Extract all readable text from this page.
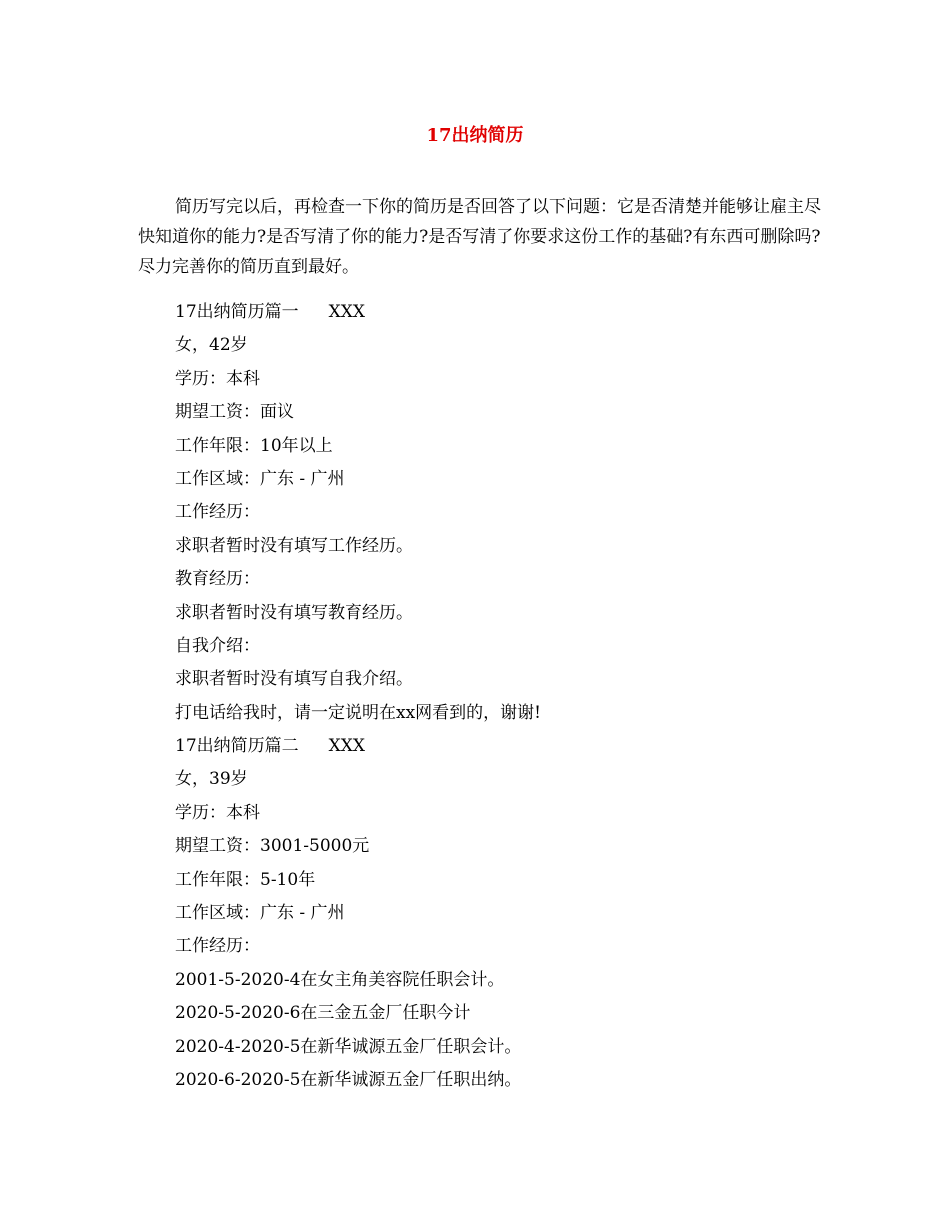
17出纳简历

简历写完以后，再检查一下你的简历是否回答了以下问题：它是否清楚并能够让雇主尽快知道你的能力?是否写清了你的能力?是否写清了你要求这份工作的基础?有东西可删除吗?尽力完善你的简历直到最好。

17出纳简历篇一 XXX
女，42岁
学历：本科
期望工资：面议
工作年限：10年以上
工作区域：广东 - 广州
工作经历：
求职者暂时没有填写工作经历。
教育经历：
求职者暂时没有填写教育经历。
自我介绍：
求职者暂时没有填写自我介绍。
打电话给我时，请一定说明在xx网看到的，谢谢!
17出纳简历篇二 XXX
女，39岁
学历：本科
期望工资：3001-5000元
工作年限：5-10年
工作区域：广东 - 广州
工作经历：
2001-5-2020-4在女主角美容院任职会计。
2020-5-2020-6在三金五金厂任职今计
2020-4-2020-5在新华诚源五金厂任职会计。
2020-6-2020-5在新华诚源五金厂任职出纳。
